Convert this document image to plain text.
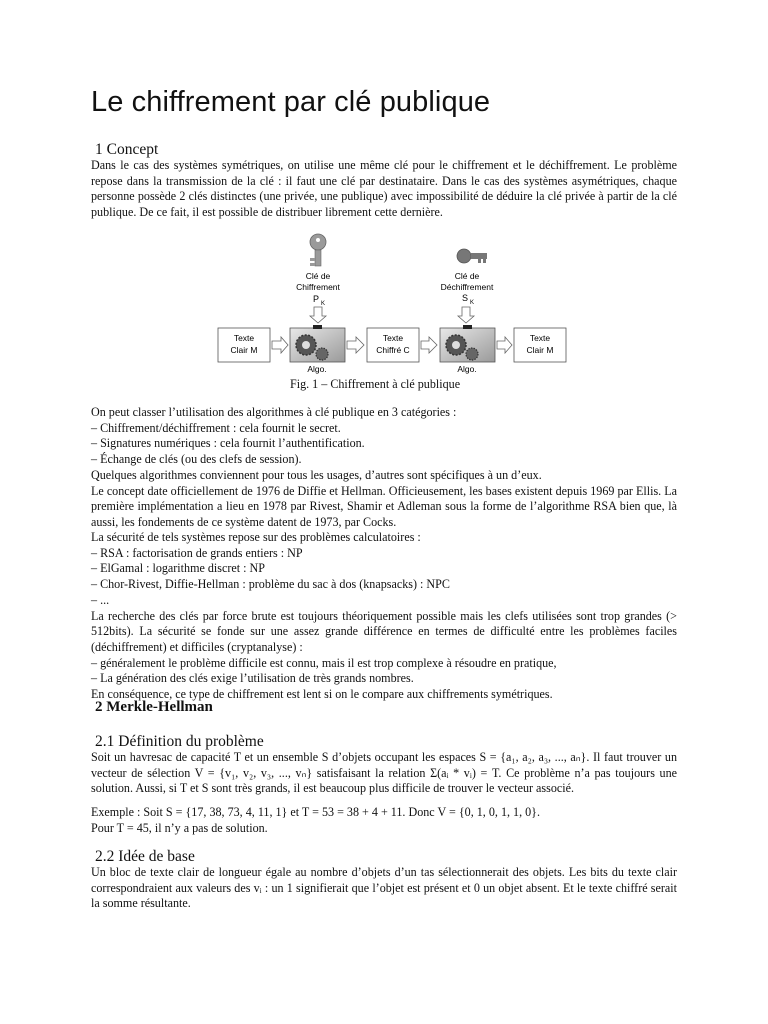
Le chiffrement par clé publique
1 Concept

Dans le cas des systèmes symétriques, on utilise une même clé pour le chiffrement et le déchiffrement. Le problème repose dans la transmission de la clé : il faut une clé par destinataire. Dans le cas des systèmes asymétriques, chaque personne possède 2 clés distinctes (une privée, une publique) avec impossibilité de déduire la clé privée à partir de la clé publique. De ce fait, il est possible de distribuer librement cette dernière.

Clé de
Chiffrement
P K
Clé de
Déchiffrement
S K
Texte
Clair M
Texte
Chiffré C
Texte
Clair M
Algo.	Algo.

Fig. 1 – Chiffrement à clé publique

On peut classer l’utilisation des algorithmes à clé publique en 3 catégories :
– Chiffrement/déchiffrement : cela fournit le secret.
– Signatures numériques : cela fournit l’authentification.
– Échange de clés (ou des clefs de session).
Quelques algorithmes conviennent pour tous les usages, d’autres sont spécifiques à un d’eux.
Le concept date officiellement de 1976 de Diffie et Hellman. Officieusement, les bases existent depuis 1969 par Ellis. La première implémentation a lieu en 1978 par Rivest, Shamir et Adleman sous la forme de l’algorithme RSA bien que, là aussi, les fondements de ce système datent de 1973, par Cocks.

La sécurité de tels systèmes repose sur des problèmes calculatoires :
– RSA : factorisation de grands entiers : NP
– ElGamal : logarithme discret : NP
– Chor-Rivest, Diffie-Hellman : problème du sac à dos (knapsacks) : NPC
– ...
La recherche des clés par force brute est toujours théoriquement possible mais les clefs utilisées sont trop grandes (> 512bits). La sécurité se fonde sur une assez grande différence en termes de difficulté entre les problèmes faciles (déchiffrement) et difficiles (cryptanalyse) :
– généralement le problème difficile est connu, mais il est trop complexe à résoudre en pratique,
– La génération des clés exige l’utilisation de très grands nombres.
En conséquence, ce type de chiffrement est lent si on le compare aux chiffrements symétriques.

2 Merkle-Hellman
2.1 Définition du problème

Soit un havresac de capacité T et un ensemble S d’objets occupant les espaces S = {a₁, a₂, a₃, ..., aₙ}. Il faut trouver un vecteur de sélection V = {v₁, v₂, v₃, ..., vₙ} satisfaisant la relation Σ(aᵢ * vᵢ) = T. Ce problème n’a pas toujours une solution. Aussi, si T et S sont très grands, il est beaucoup plus difficile de trouver le vecteur associé.

Exemple : Soit S = {17, 38, 73, 4, 11, 1} et T = 53 = 38 + 4 + 11. Donc V = {0, 1, 0, 1, 1, 0}.
Pour T = 45, il n’y a pas de solution.

2.2 Idée de base

Un bloc de texte clair de longueur égale au nombre d’objets d’un tas sélectionnerait des objets. Les bits du texte clair correspondraient aux valeurs des vᵢ : un 1 signifierait que l’objet est présent et 0 un objet absent. Et le texte chiffré serait la somme résultante.
